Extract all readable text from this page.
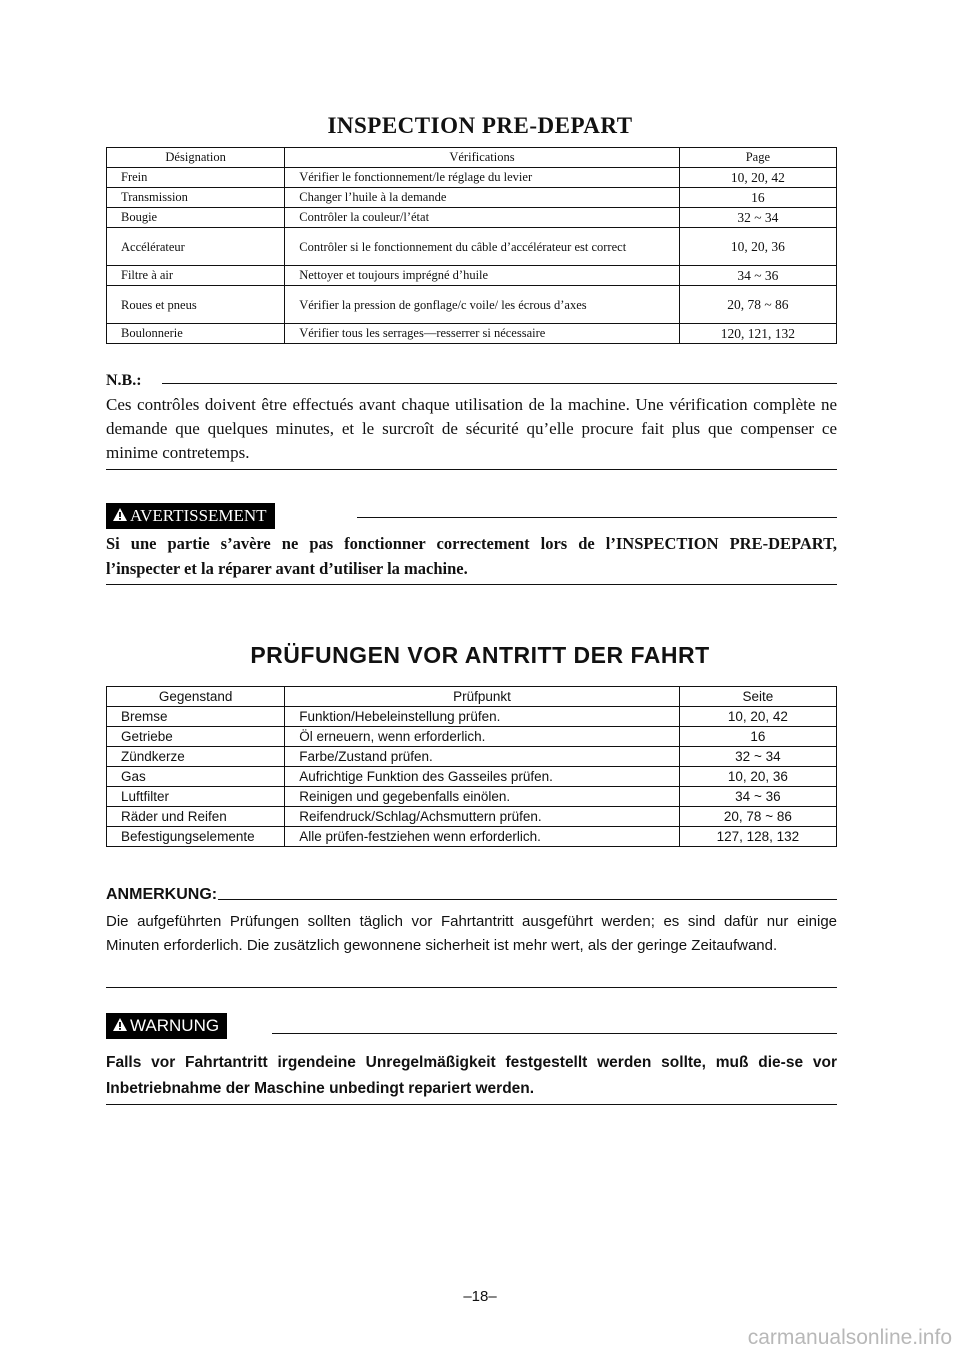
INSPECTION PRE-DEPART
Désignation	Vérifications	Page
Frein	Vérifier le fonctionnement/le réglage du levier	10, 20, 42
Transmission	Changer l’huile à la demande	16
Bougie	Contrôler la couleur/l’état	32 ~ 34
Accélérateur	Contrôler si le fonctionnement du câble d’accélérateur est correct	10, 20, 36
Filtre à air	Nettoyer et toujours imprégné d’huile	34 ~ 36
Roues et pneus	Vérifier la pression de gonflage/c voile/ les écrous d’axes	20, 78 ~ 86
Boulonnerie	Vérifier tous les serrages—resserrer si nécessaire	120, 121, 132
N.B.:
Ces contrôles doivent être effectués avant chaque utilisation de la machine. Une vérification complète ne demande que quelques minutes, et le surcroît de sécurité qu’elle procure fait plus que compenser ce minime contretemps.
AVERTISSEMENT
Si une partie s’avère ne pas fonctionner correctement lors de l’INSPECTION PRE-DEPART, l’inspecter et la réparer avant d’utiliser la machine.
PRÜFUNGEN VOR ANTRITT DER FAHRT
Gegenstand	Prüfpunkt	Seite
Bremse	Funktion/Hebeleinstellung prüfen.	10, 20, 42
Getriebe	Öl erneuern, wenn erforderlich.	16
Zündkerze	Farbe/Zustand prüfen.	32 ~ 34
Gas	Aufrichtige Funktion des Gasseiles prüfen.	10, 20, 36
Luftfilter	Reinigen und gegebenfalls einölen.	34 ~ 36
Räder und Reifen	Reifendruck/Schlag/Achsmuttern prüfen.	20, 78 ~ 86
Befestigungselemente	Alle prüfen-festziehen wenn erforderlich.	127, 128, 132
ANMERKUNG:
Die aufgeführten Prüfungen sollten täglich vor Fahrtantritt ausgeführt werden; es sind dafür nur einige Minuten erforderlich. Die zusätzlich gewonnene sicherheit ist mehr wert, als der geringe Zeitaufwand.
WARNUNG
Falls vor Fahrtantritt irgendeine Unregelmäßigkeit festgestellt werden sollte, muß die-se vor Inbetriebnahme der Maschine unbedingt repariert werden.
–18–
carmanualsonline.info
